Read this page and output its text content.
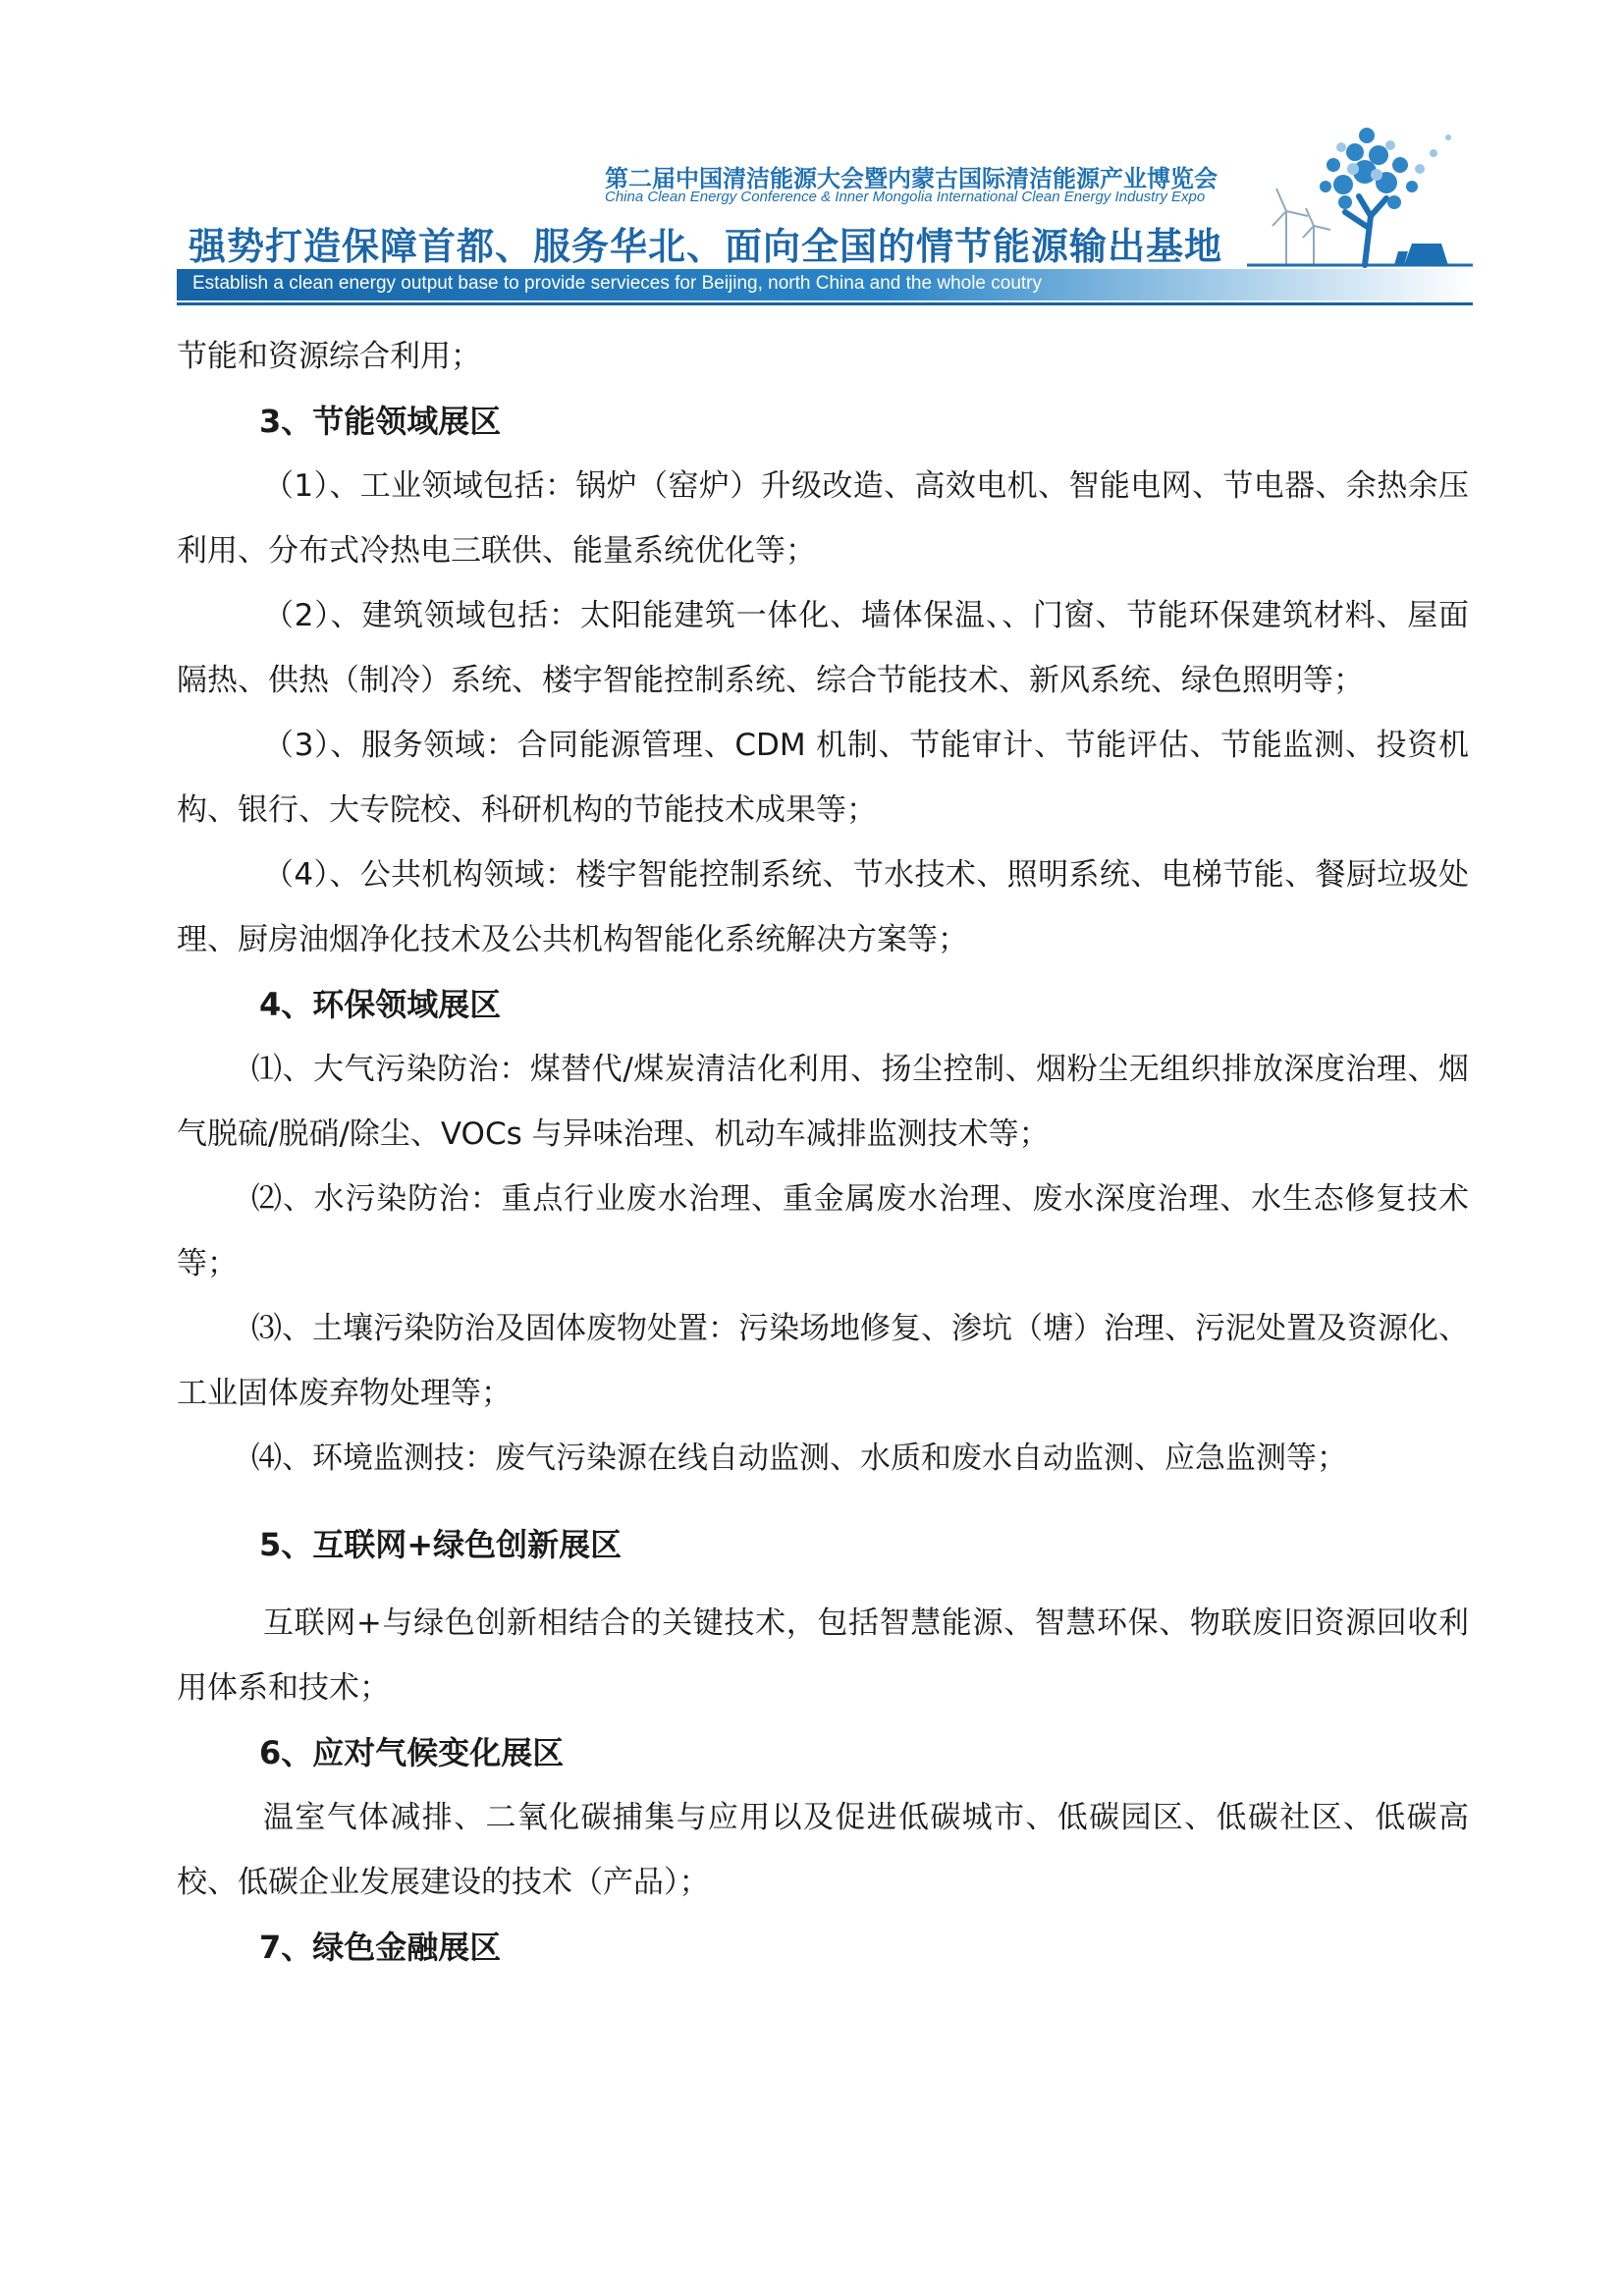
第二届中国清洁能源大会暨内蒙古国际清洁能源产业博览会
China Clean Energy Conference & Inner Mongolia International Clean Energy Industry Expo
强势打造保障首都、服务华北、面向全国的情节能源输出基地
Establish a clean energy output base to provide servieces for Beijing, north China and the whole coutry

节能和资源综合利用；

3、节能领域展区

（1）、工业领域包括：锅炉（窑炉）升级改造、高效电机、智能电网、节电器、余热余压利用、分布式冷热电三联供、能量系统优化等；

（2）、建筑领域包括：太阳能建筑一体化、墙体保温、、门窗、节能环保建筑材料、屋面隔热、供热（制冷）系统、楼宇智能控制系统、综合节能技术、新风系统、绿色照明等；

（3）、服务领域：合同能源管理、CDM 机制、节能审计、节能评估、节能监测、投资机构、银行、大专院校、科研机构的节能技术成果等；

（4）、公共机构领域：楼宇智能控制系统、节水技术、照明系统、电梯节能、餐厨垃圾处理、厨房油烟净化技术及公共机构智能化系统解决方案等；

4、环保领域展区

⑴、大气污染防治：煤替代/煤炭清洁化利用、扬尘控制、烟粉尘无组织排放深度治理、烟气脱硫/脱硝/除尘、VOCs 与异味治理、机动车减排监测技术等；

⑵、水污染防治：重点行业废水治理、重金属废水治理、废水深度治理、水生态修复技术等；

⑶、土壤污染防治及固体废物处置：污染场地修复、渗坑（塘）治理、污泥处置及资源化、工业固体废弃物处理等；

⑷、环境监测技：废气污染源在线自动监测、水质和废水自动监测、应急监测等；

5、互联网+绿色创新展区

互联网+与绿色创新相结合的关键技术，包括智慧能源、智慧环保、物联废旧资源回收利用体系和技术；

6、应对气候变化展区

温室气体减排、二氧化碳捕集与应用以及促进低碳城市、低碳园区、低碳社区、低碳高校、低碳企业发展建设的技术（产品）；

7、绿色金融展区
